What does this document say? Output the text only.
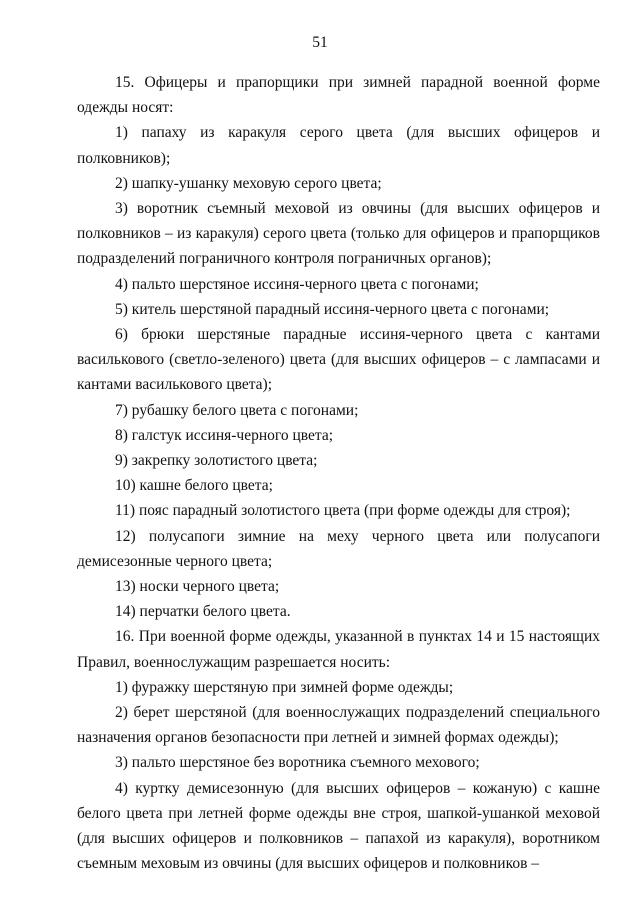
51

15. Офицеры и прапорщики при зимней парадной военной форме одежды носят:

1) папаху из каракуля серого цвета (для высших офицеров и полковников);

2) шапку-ушанку меховую серого цвета;

3) воротник съемный меховой из овчины (для высших офицеров и полковников – из каракуля) серого цвета (только для офицеров и прапорщиков подразделений пограничного контроля пограничных органов);

4) пальто шерстяное иссиня-черного цвета с погонами;

5) китель шерстяной парадный иссиня-черного цвета с погонами;

6) брюки шерстяные парадные иссиня-черного цвета с кантами василькового (светло-зеленого) цвета (для высших офицеров – с лампасами и кантами василькового цвета);

7) рубашку белого цвета с погонами;

8) галстук иссиня-черного цвета;

9) закрепку золотистого цвета;

10) кашне белого цвета;

11) пояс парадный золотистого цвета (при форме одежды для строя);

12) полусапоги зимние на меху черного цвета или полусапоги демисезонные черного цвета;

13) носки черного цвета;

14) перчатки белого цвета.

16. При военной форме одежды, указанной в пунктах 14 и 15 настоящих Правил, военнослужащим разрешается носить:

1) фуражку шерстяную при зимней форме одежды;

2) берет шерстяной (для военнослужащих подразделений специального назначения органов безопасности при летней и зимней формах одежды);

3) пальто шерстяное без воротника съемного мехового;

4) куртку демисезонную (для высших офицеров – кожаную) с кашне белого цвета при летней форме одежды вне строя, шапкой-ушанкой меховой (для высших офицеров и полковников – папахой из каракуля), воротником съемным меховым из овчины (для высших офицеров и полковников –
